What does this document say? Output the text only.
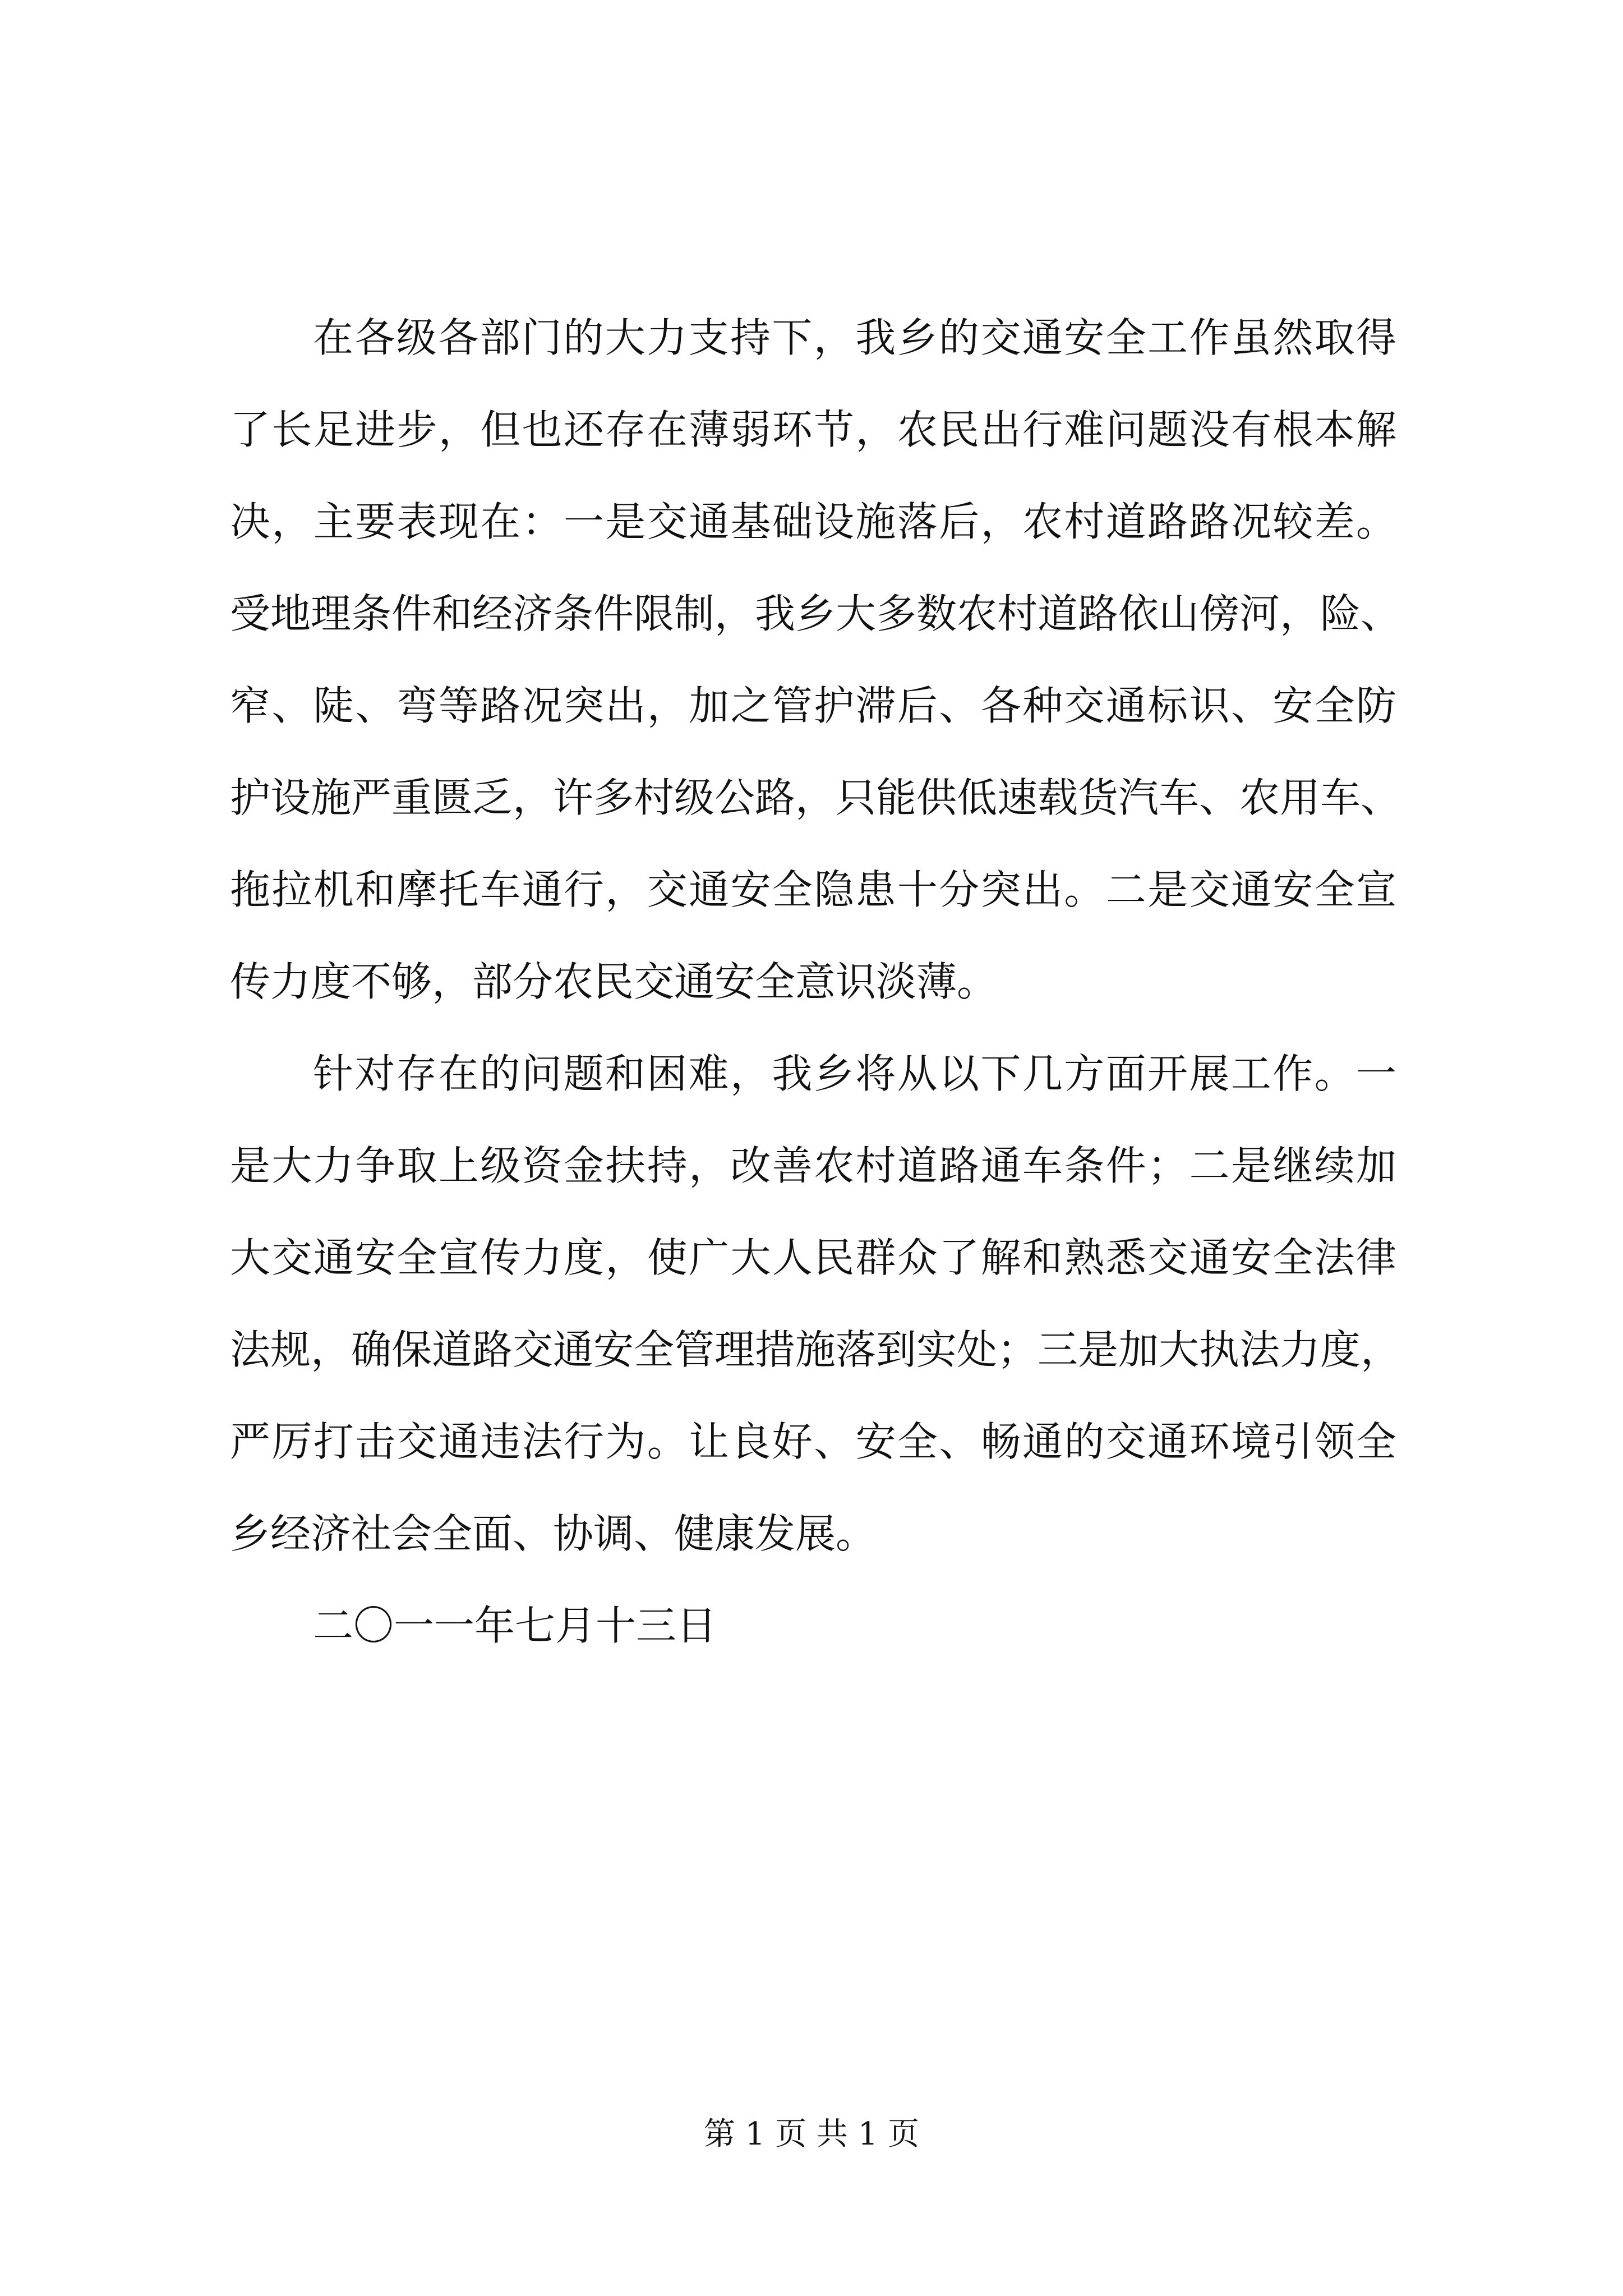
在各级各部门的大力支持下，我乡的交通安全工作虽然取得
了长足进步，但也还存在薄弱环节，农民出行难问题没有根本解
决，主要表现在：一是交通基础设施落后，农村道路路况较差。
受地理条件和经济条件限制，我乡大多数农村道路依山傍河，险、
窄、陡、弯等路况突出，加之管护滞后、各种交通标识、安全防
护设施严重匮乏，许多村级公路，只能供低速载货汽车、农用车、
拖拉机和摩托车通行，交通安全隐患十分突出。二是交通安全宣
传力度不够，部分农民交通安全意识淡薄。
针对存在的问题和困难，我乡将从以下几方面开展工作。一
是大力争取上级资金扶持，改善农村道路通车条件；二是继续加
大交通安全宣传力度，使广大人民群众了解和熟悉交通安全法律
法规，确保道路交通安全管理措施落到实处；三是加大执法力度，
严厉打击交通违法行为。让良好、安全、畅通的交通环境引领全
乡经济社会全面、协调、健康发展。
二〇一一年七月十三日
第 1 页 共 1 页
